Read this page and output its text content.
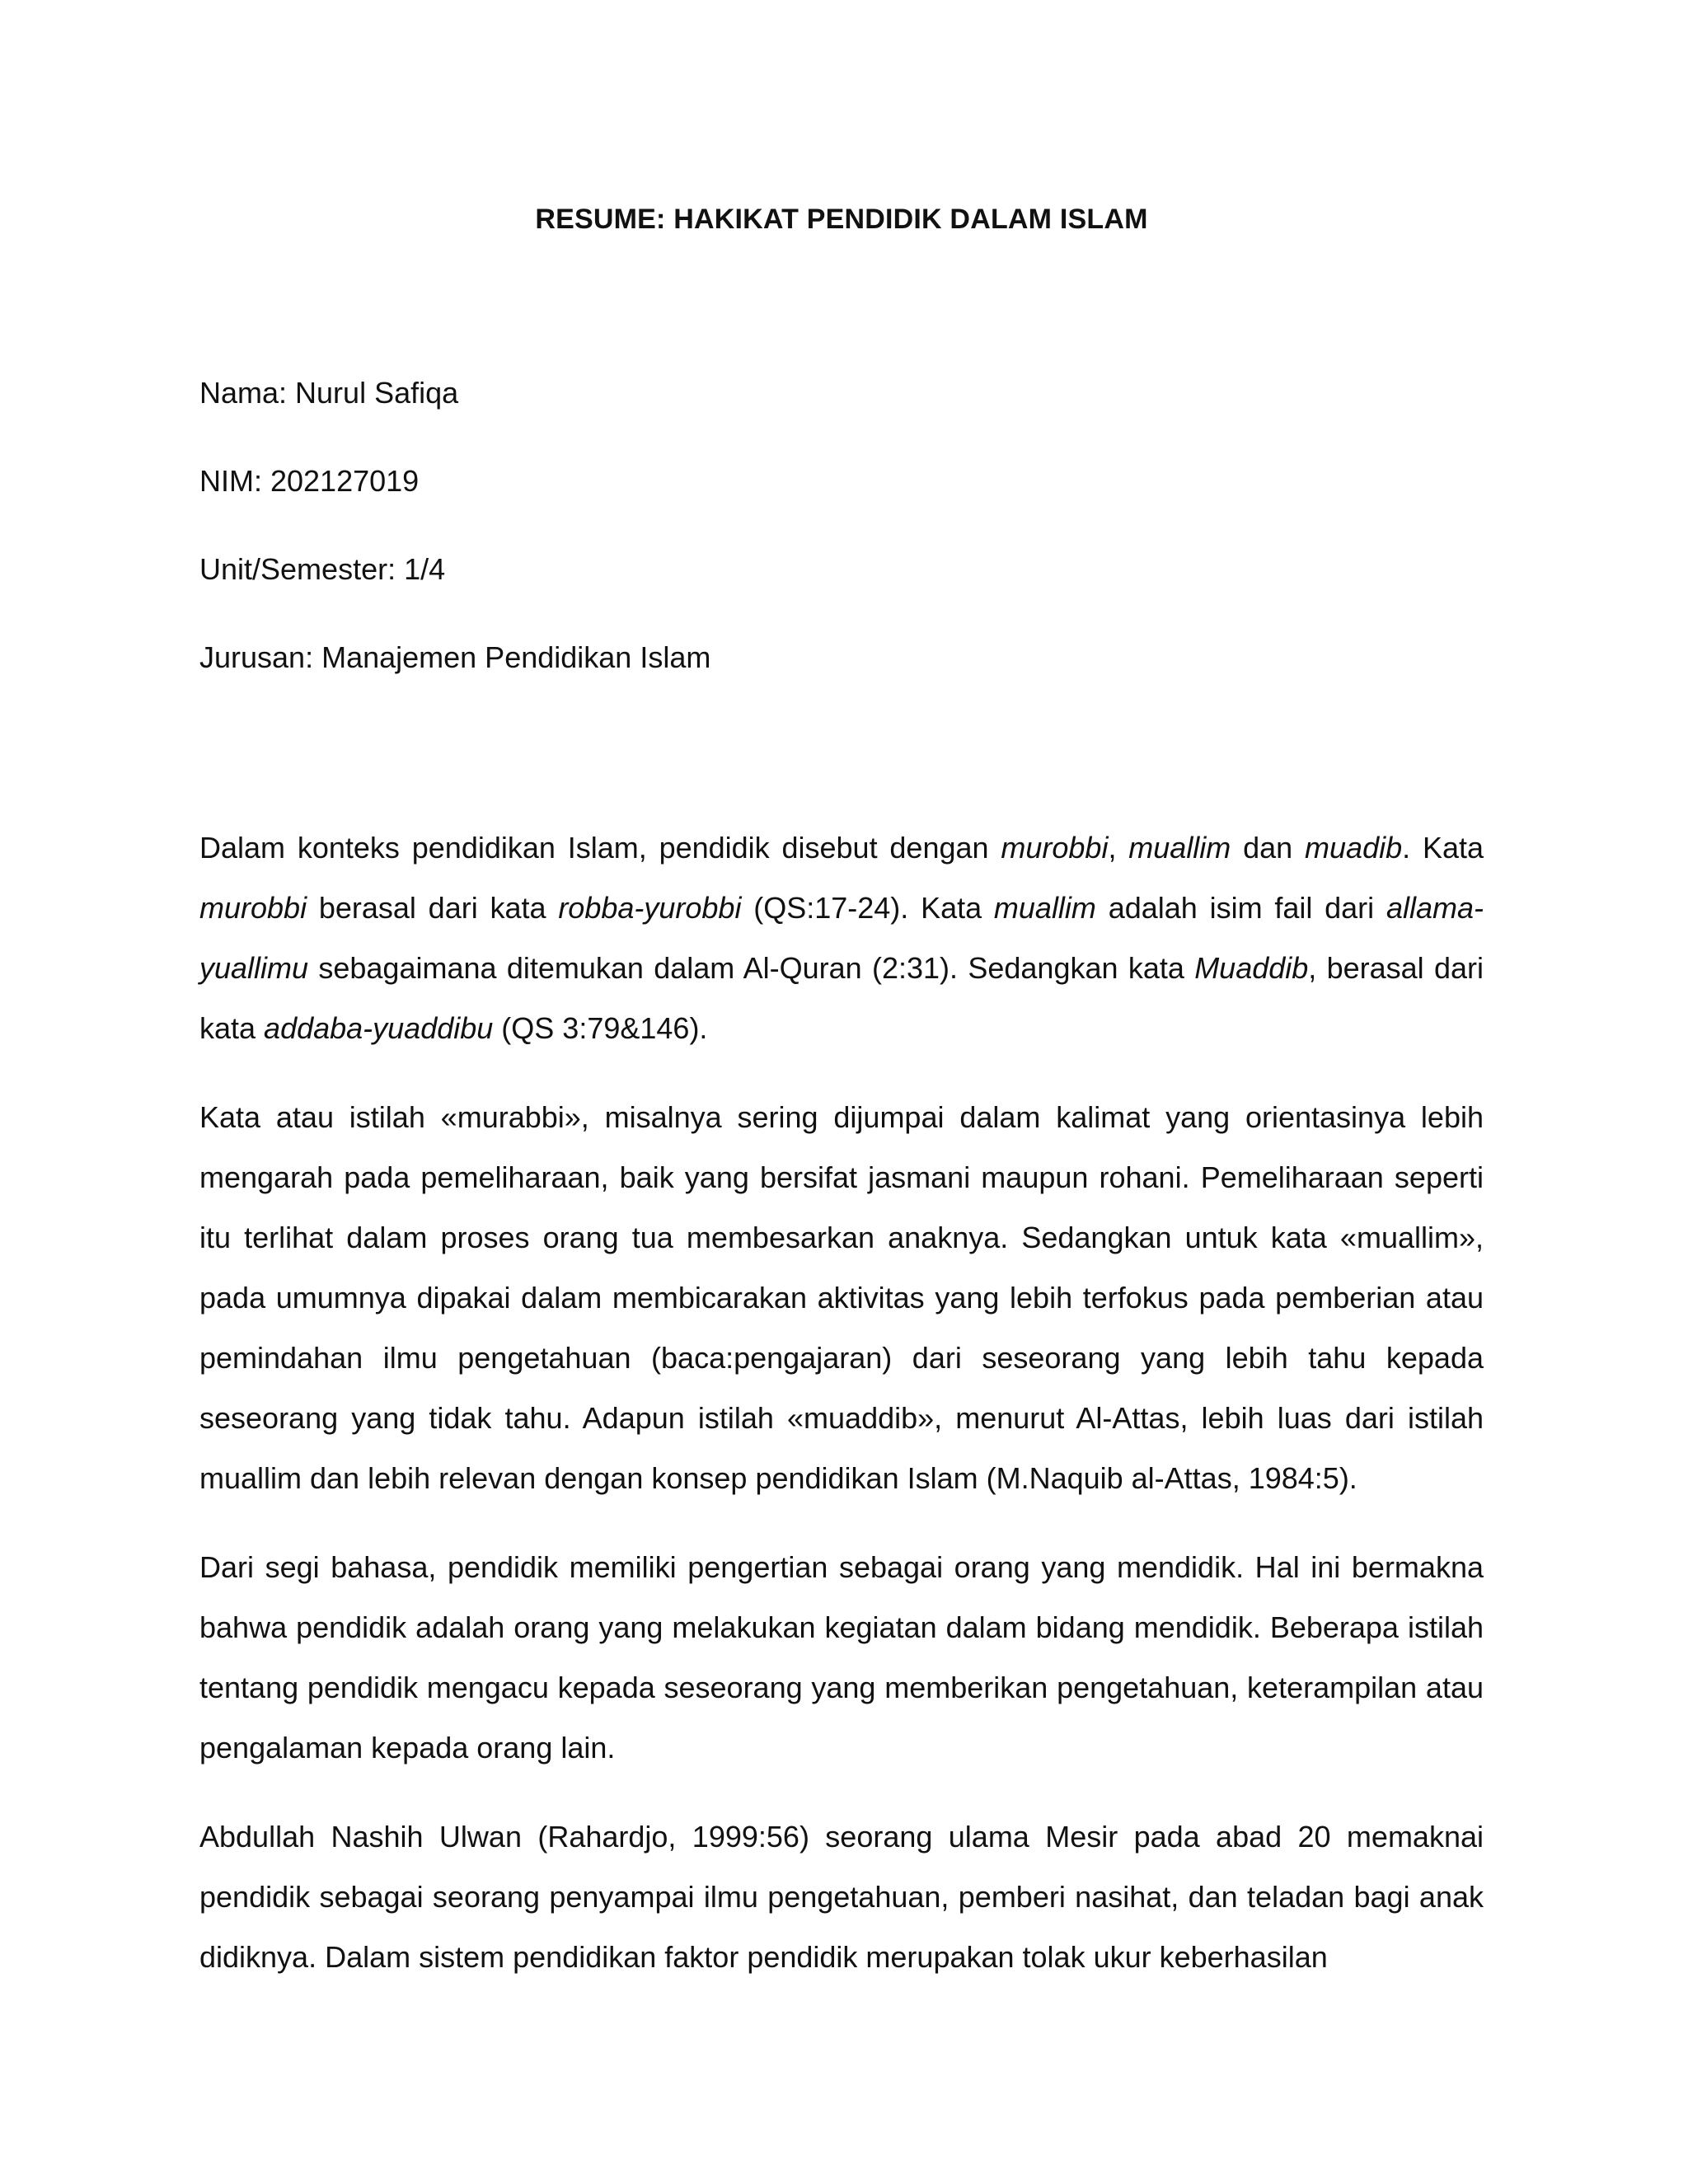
RESUME: HAKIKAT PENDIDIK DALAM ISLAM
Nama: Nurul Safiqa
NIM: 202127019
Unit/Semester: 1/4
Jurusan: Manajemen Pendidikan Islam

Dalam konteks pendidikan Islam, pendidik disebut dengan murobbi, muallim dan muadib. Kata murobbi berasal dari kata robba-yurobbi (QS:17-24). Kata muallim adalah isim fail dari allama-yuallimu sebagaimana ditemukan dalam Al-Quran (2:31). Sedangkan kata Muaddib, berasal dari kata addaba-yuaddibu (QS 3:79&146).

Kata atau istilah «murabbi», misalnya sering dijumpai dalam kalimat yang orientasinya lebih mengarah pada pemeliharaan, baik yang bersifat jasmani maupun rohani. Pemeliharaan seperti itu terlihat dalam proses orang tua membesarkan anaknya. Sedangkan untuk kata «muallim», pada umumnya dipakai dalam membicarakan aktivitas yang lebih terfokus pada pemberian atau pemindahan ilmu pengetahuan (baca:pengajaran) dari seseorang yang lebih tahu kepada seseorang yang tidak tahu. Adapun istilah «muaddib», menurut Al-Attas, lebih luas dari istilah muallim dan lebih relevan dengan konsep pendidikan Islam (M.Naquib al-Attas, 1984:5).

Dari segi bahasa, pendidik memiliki pengertian sebagai orang yang mendidik. Hal ini bermakna bahwa pendidik adalah orang yang melakukan kegiatan dalam bidang mendidik. Beberapa istilah tentang pendidik mengacu kepada seseorang yang memberikan pengetahuan, keterampilan atau pengalaman kepada orang lain.

Abdullah Nashih Ulwan (Rahardjo, 1999:56) seorang ulama Mesir pada abad 20 memaknai pendidik sebagai seorang penyampai ilmu pengetahuan, pemberi nasihat, dan teladan bagi anak didiknya. Dalam sistem pendidikan faktor pendidik merupakan tolak ukur keberhasilan
